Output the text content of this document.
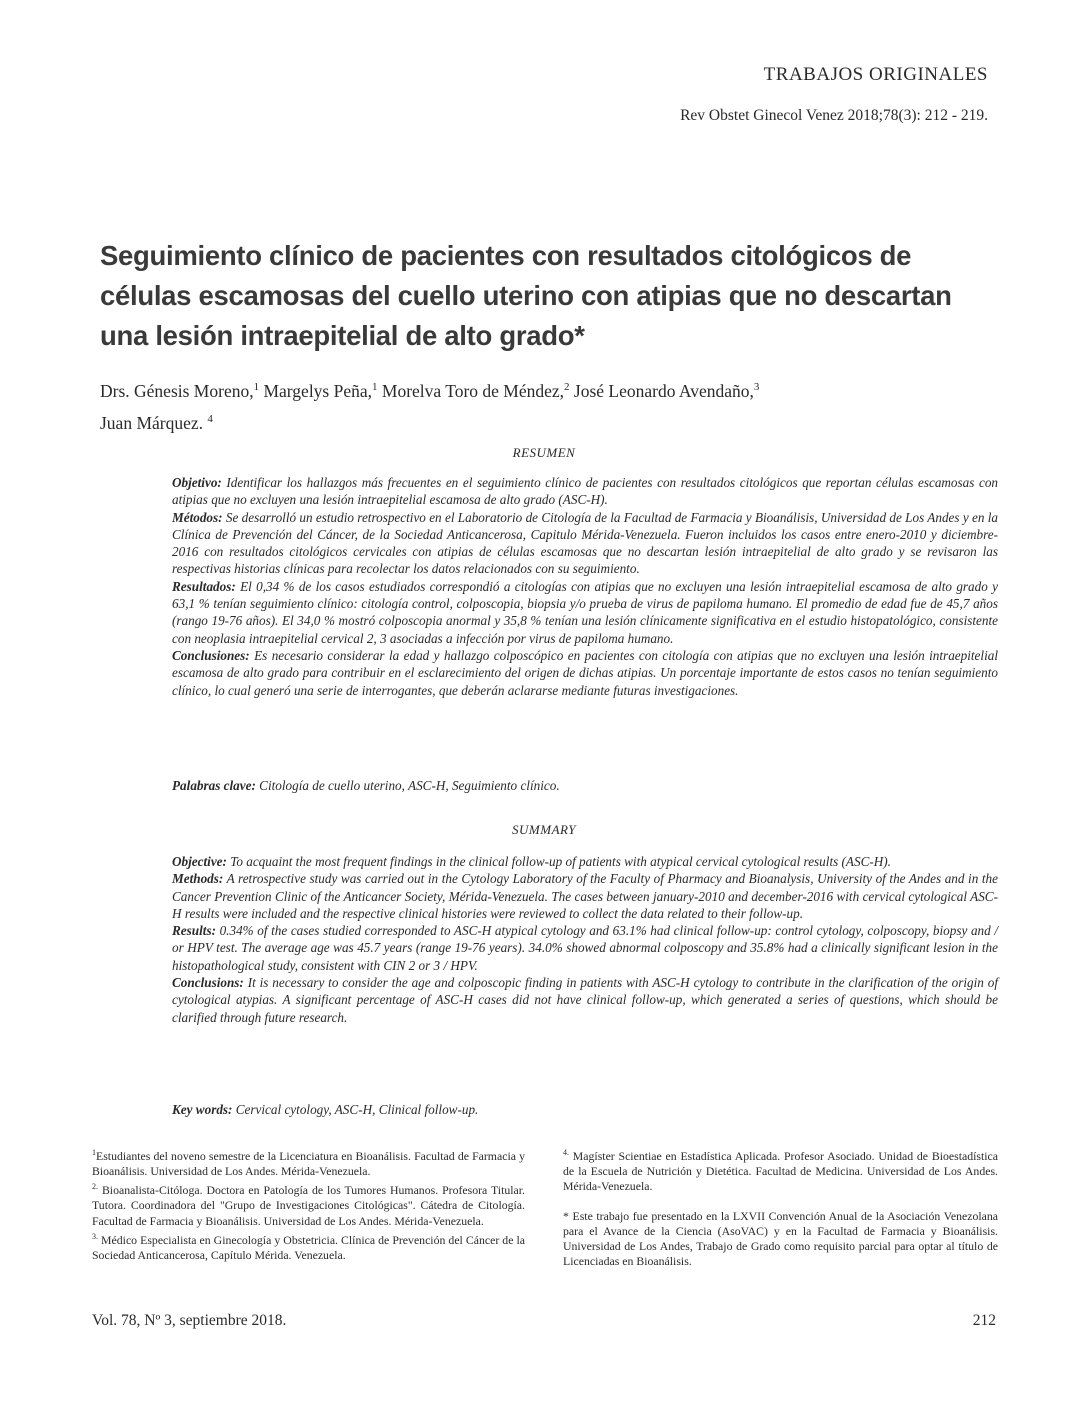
TRABAJOS ORIGINALES
Rev Obstet Ginecol Venez 2018;78(3): 212 - 219.
Seguimiento clínico de pacientes con resultados citológicos de células escamosas del cuello uterino con atipias que no descartan una lesión intraepitelial de alto grado*

Drs. Génesis Moreno,$^1$ Margelys Peña,$^1$ Morelva Toro de Méndez,$^2$ José Leonardo Avendaño,$^3$
Juan Márquez. $^4$

RESUMEN

Objetivo: Identificar los hallazgos más frecuentes en el seguimiento clínico de pacientes con resultados citológicos que reportan células escamosas con atipias que no excluyen una lesión intraepitelial escamosa de alto grado (ASC-H).

Métodos: Se desarrolló un estudio retrospectivo en el Laboratorio de Citología de la Facultad de Farmacia y Bioanálisis, Universidad de Los Andes y en la Clínica de Prevención del Cáncer, de la Sociedad Anticancerosa, Capitulo Mérida-Venezuela. Fueron incluidos los casos entre enero-2010 y diciembre-2016 con resultados citológicos cervicales con atipias de células escamosas que no descartan lesión intraepitelial de alto grado y se revisaron las respectivas historias clínicas para recolectar los datos relacionados con su seguimiento.

Resultados: El 0,34 % de los casos estudiados correspondió a citologías con atipias que no excluyen una lesión intraepitelial escamosa de alto grado y 63,1 % tenían seguimiento clínico: citología control, colposcopia, biopsia y/o prueba de virus de papiloma humano. El promedio de edad fue de 45,7 años (rango 19-76 años). El 34,0 % mostró colposcopia anormal y 35,8 % tenían una lesión clínicamente significativa en el estudio histopatológico, consistente con neoplasia intraepitelial cervical 2, 3 asociadas a infección por virus de papiloma humano.

Conclusiones: Es necesario considerar la edad y hallazgo colposcópico en pacientes con citología con atipias que no excluyen una lesión intraepitelial escamosa de alto grado para contribuir en el esclarecimiento del origen de dichas atipias. Un porcentaje importante de estos casos no tenían seguimiento clínico, lo cual generó una serie de interrogantes, que deberán aclararse mediante futuras investigaciones.

Palabras clave: Citología de cuello uterino, ASC-H, Seguimiento clínico.

SUMMARY

Objective: To acquaint the most frequent findings in the clinical follow-up of patients with atypical cervical cytological results (ASC-H).

Methods: A retrospective study was carried out in the Cytology Laboratory of the Faculty of Pharmacy and Bioanalysis, University of the Andes and in the Cancer Prevention Clinic of the Anticancer Society, Mérida-Venezuela. The cases between january-2010 and december-2016 with cervical cytological ASC-H results were included and the respective clinical histories were reviewed to collect the data related to their follow-up.

Results: 0.34% of the cases studied corresponded to ASC-H atypical cytology and 63.1% had clinical follow-up: control cytology, colposcopy, biopsy and / or HPV test. The average age was 45.7 years (range 19-76 years). 34.0% showed abnormal colposcopy and 35.8% had a clinically significant lesion in the histopathological study, consistent with CIN 2 or 3 / HPV.

Conclusions: It is necessary to consider the age and colposcopic finding in patients with ASC-H cytology to contribute in the clarification of the origin of cytological atypias. A significant percentage of ASC-H cases did not have clinical follow-up, which generated a series of questions, which should be clarified through future research.

Key words: Cervical cytology, ASC-H, Clinical follow-up.

$^1$Estudiantes del noveno semestre de la Licenciatura en Bioanálisis. Facultad de Farmacia y Bioanálisis. Universidad de Los Andes. Mérida-Venezuela.

$^{2.}$ Bioanalista-Citóloga. Doctora en Patología de los Tumores Humanos. Profesora Titular. Tutora. Coordinadora del "Grupo de Investigaciones Citológicas". Cátedra de Citología. Facultad de Farmacia y Bioanálisis. Universidad de Los Andes. Mérida-Venezuela.

$^{3.}$ Médico Especialista en Ginecología y Obstetricia. Clínica de Prevención del Cáncer de la Sociedad Anticancerosa, Capítulo Mérida. Venezuela.

$^{4.}$ Magíster Scientiae en Estadística Aplicada. Profesor Asociado. Unidad de Bioestadística de la Escuela de Nutrición y Dietética. Facultad de Medicina. Universidad de Los Andes. Mérida-Venezuela.

* Este trabajo fue presentado en la LXVII Convención Anual de la Asociación Venezolana para el Avance de la Ciencia (AsoVAC) y en la Facultad de Farmacia y Bioanálisis. Universidad de Los Andes, Trabajo de Grado como requisito parcial para optar al título de Licenciadas en Bioanálisis.

Vol. 78, Nº 3, septiembre 2018.	212
